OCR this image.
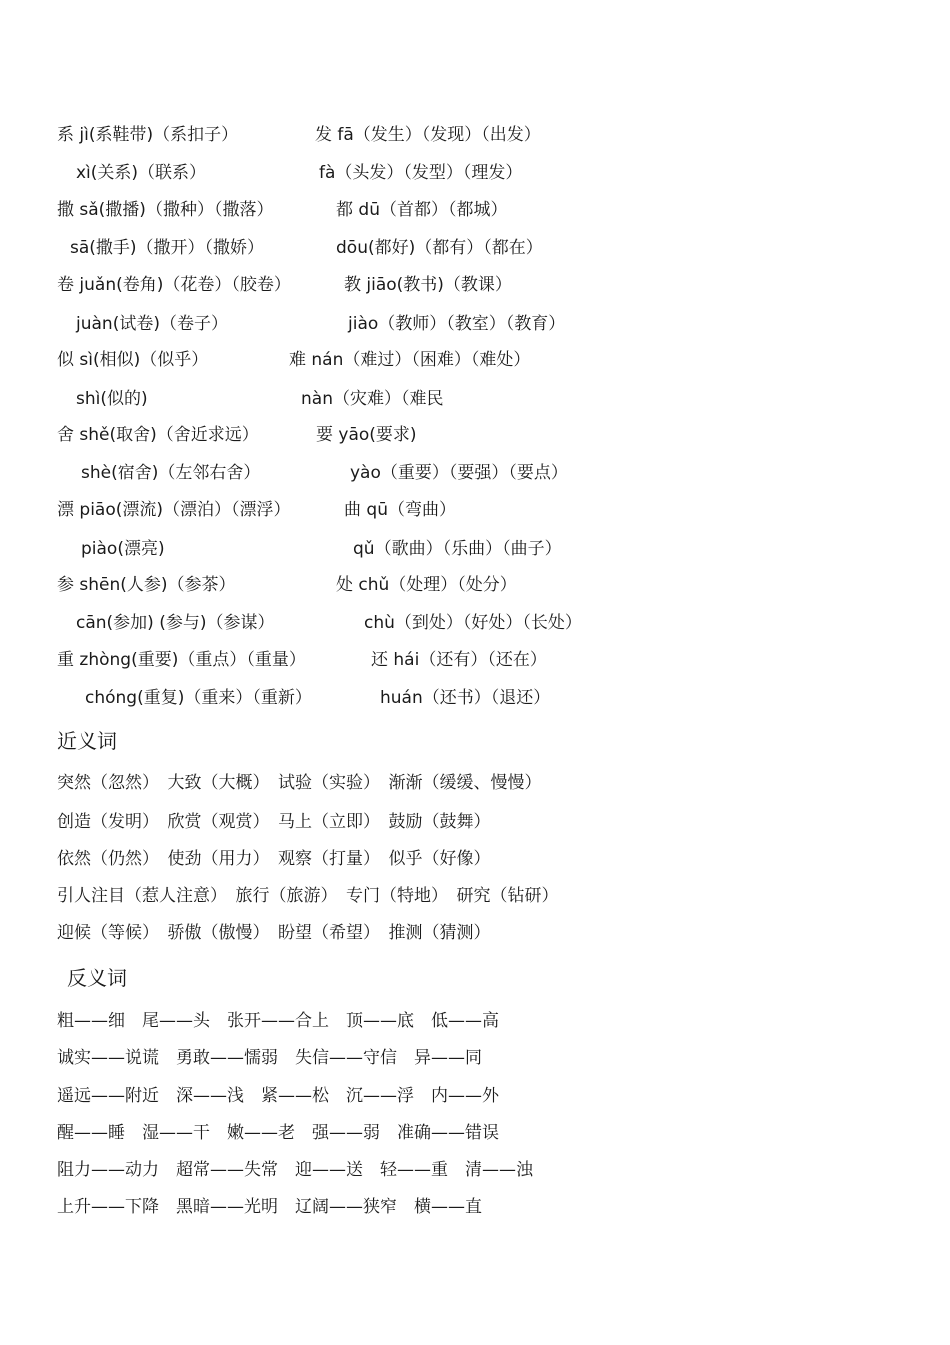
系 jì(系鞋带)（系扣子）	发 fā（发生）（发现）（出发）
xì(关系)（联系）	fà（头发）（发型）（理发）
撒 sǎ(撒播)（撒种）（撒落）	都 dū（首都）（都城）
sā(撒手)（撒开）（撒娇）	dōu(都好)（都有）（都在）
卷 juǎn(卷角)（花卷）（胶卷）	教 jiāo(教书)（教课）
juàn(试卷)（卷子）	jiào（教师）（教室）（教育）
似 sì(相似)（似乎）	难 nán（难过）（困难）（难处）
shì(似的)	nàn（灾难）（难民
舍 shě(取舍)（舍近求远）	要 yāo(要求)
shè(宿舍)（左邻右舍）	yào（重要）（要强）（要点）
漂 piāo(漂流)（漂泊）（漂浮）	曲 qū（弯曲）
piào(漂亮)	qǔ（歌曲）（乐曲）（曲子）
参 shēn(人参)（参茶）	处 chǔ（处理）（处分）
cān(参加) (参与)（参谋）	chù（到处）（好处）（长处）
重 zhòng(重要)（重点）（重量）	还 hái（还有）（还在）
chóng(重复)（重来）（重新）	huán（还书）（退还）
近义词
突然（忽然）　大致（大概）　试验（实验）　渐渐（缓缓、慢慢）
创造（发明）　欣赏（观赏）　马上（立即）　鼓励（鼓舞）
依然（仍然）　使劲（用力）　观察（打量）　似乎（好像）
引人注目（惹人注意）　旅行（旅游）　专门（特地）　研究（钻研）
迎候（等候）　骄傲（傲慢）　盼望（希望）　推测（猜测）
反义词
粗——细　尾——头　张开——合上　顶——底　低——高
诚实——说谎　勇敢——懦弱　失信——守信　异——同
遥远——附近　深——浅　紧——松　沉——浮　内——外
醒——睡　湿——干　嫩——老　强——弱　准确——错误
阻力——动力　超常——失常　迎——送　轻——重　清——浊
上升——下降　黑暗——光明　辽阔——狭窄　横——直
